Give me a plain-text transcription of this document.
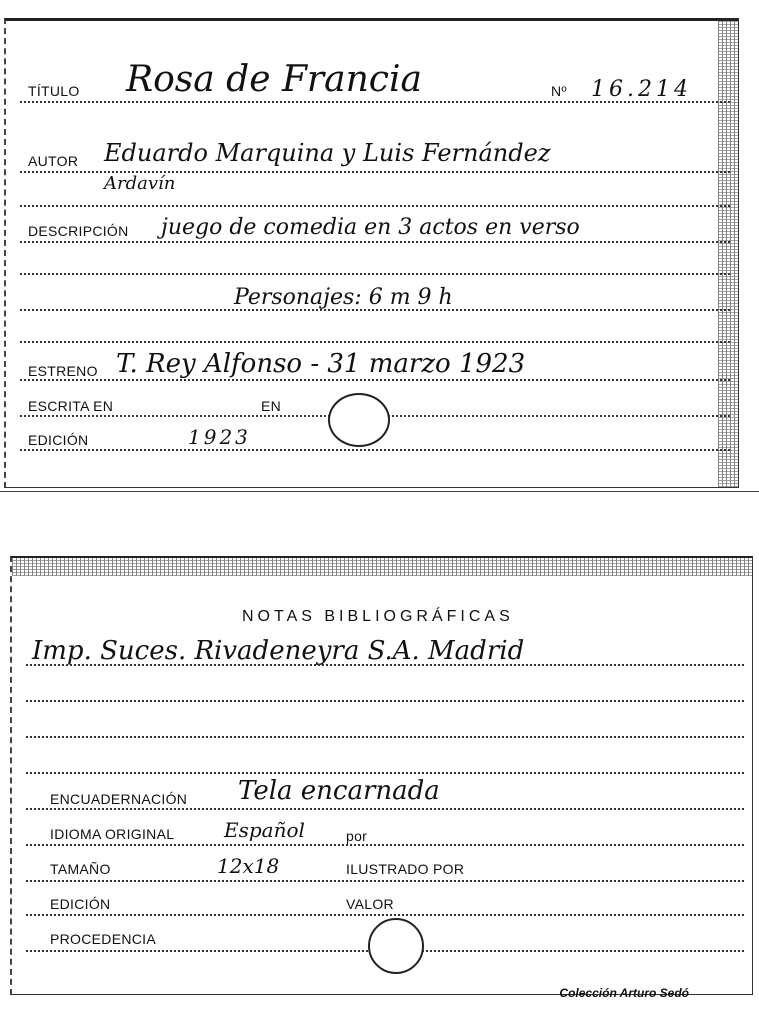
TÍTULO Rosa de Francia	Nº 16.214
AUTOR Eduardo Marquina y Luis Fernández
Ardavín
DESCRIPCIÓN juego de comedia en 3 actos en verso
Personajes: 6 m 9 h
ESTRENO T. Rey Alfonso - 31 marzo 1923
ESCRITA EN	EN
EDICIÓN	1923
NOTAS BIBLIOGRÁFICAS
Imp. Suces. Rivadeneyra S.A. Madrid
ENCUADERNACIÓN Tela encarnada
IDIOMA ORIGINAL Español	por
TAMAÑO	12x18	ILUSTRADO POR
EDICIÓN	VALOR
PROCEDENCIA
Colección Arturo Sedó
